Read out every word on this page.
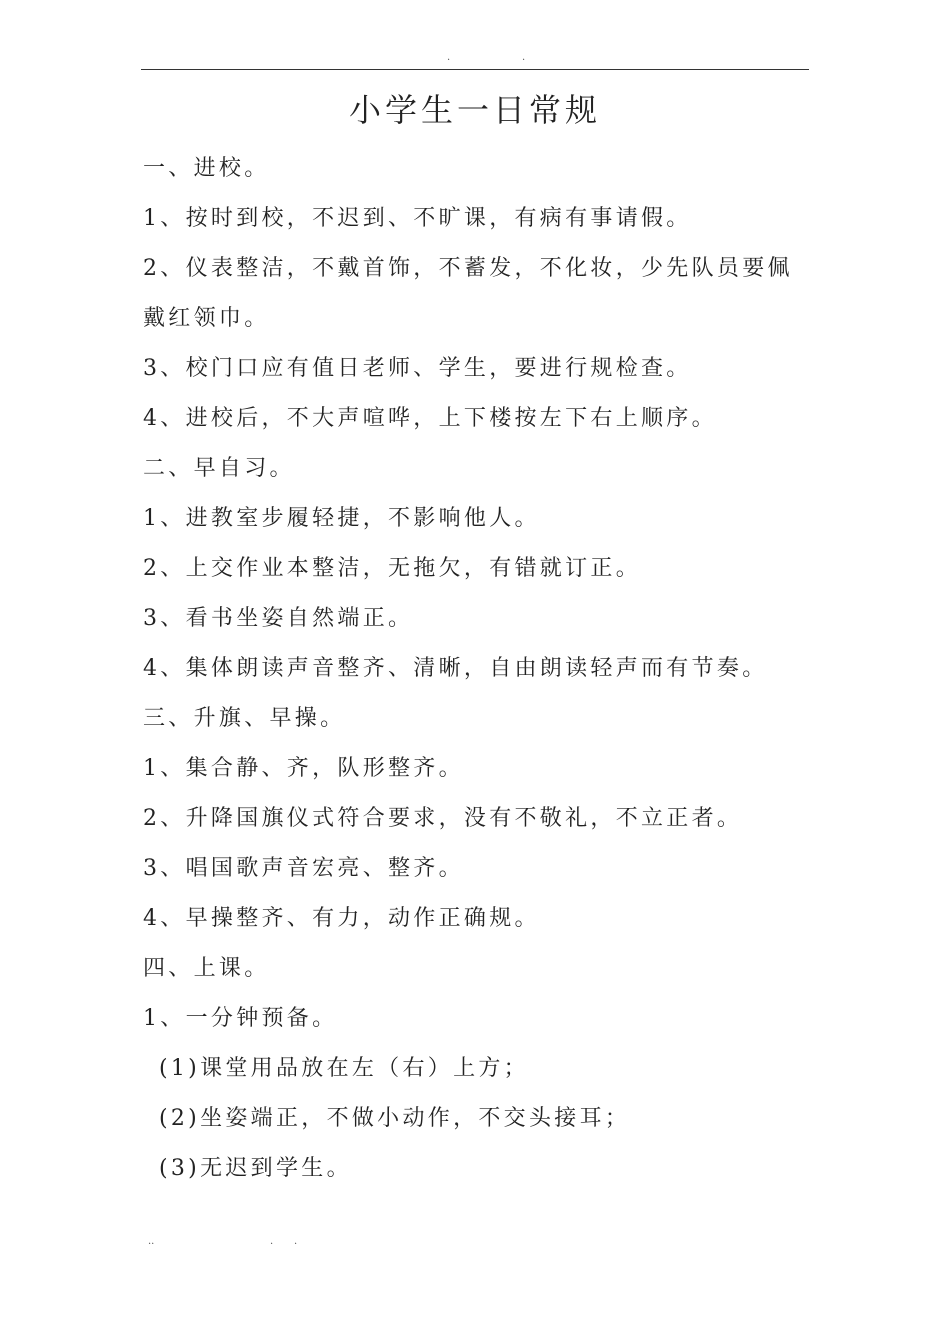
.	.
小学生一日常规
一、进校。
1、按时到校，不迟到、不旷课，有病有事请假。
2、仪表整洁，不戴首饰，不蓄发，不化妆，少先队员要佩
戴红领巾。
3、校门口应有值日老师、学生，要进行规检查。
4、进校后，不大声喧哗，上下楼按左下右上顺序。
二、早自习。
1、进教室步履轻捷，不影响他人。
2、上交作业本整洁，无拖欠，有错就订正。
3、看书坐姿自然端正。
4、集体朗读声音整齐、清晰，自由朗读轻声而有节奏。
三、升旗、早操。
1、集合静、齐，队形整齐。
2、升降国旗仪式符合要求，没有不敬礼，不立正者。
3、唱国歌声音宏亮、整齐。
4、早操整齐、有力，动作正确规。
四、上课。
1、一分钟预备。
(1)课堂用品放在左（右）上方；
(2)坐姿端正，不做小动作，不交头接耳；
(3)无迟到学生。
..	. .
